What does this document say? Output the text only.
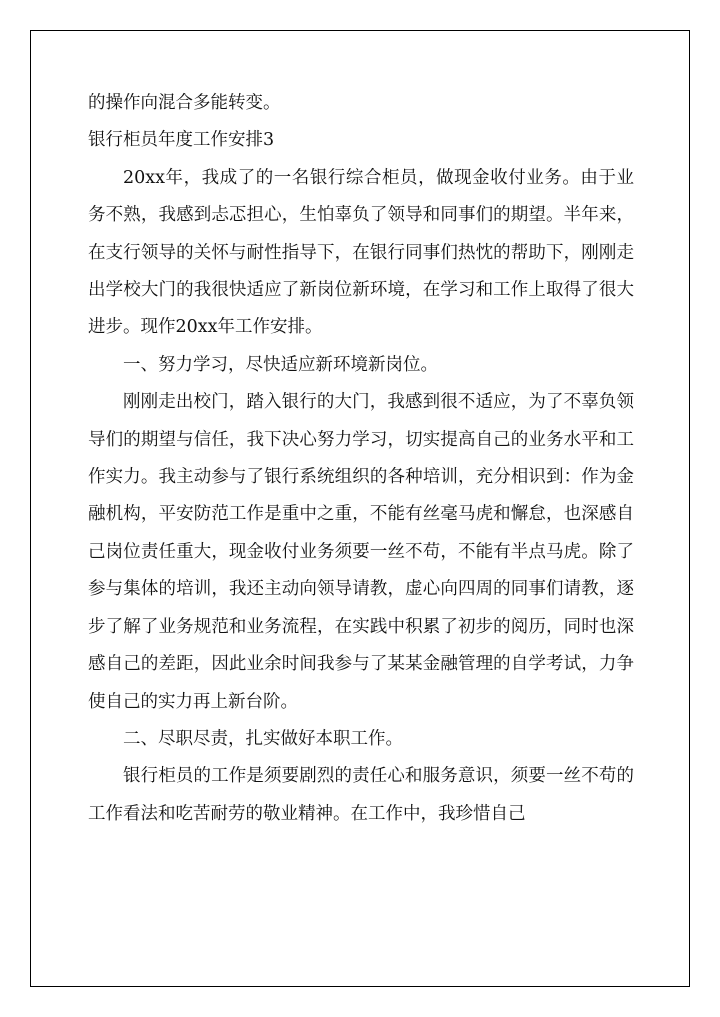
的操作向混合多能转变。

银行柜员年度工作安排3

20xx年，我成了的一名银行综合柜员，做现金收付业务。由于业务不熟，我感到忐忑担心，生怕辜负了领导和同事们的期望。半年来，在支行领导的关怀与耐性指导下，在银行同事们热忱的帮助下，刚刚走出学校大门的我很快适应了新岗位新环境，在学习和工作上取得了很大进步。现作20xx年工作安排。

一、努力学习，尽快适应新环境新岗位。

刚刚走出校门，踏入银行的大门，我感到很不适应，为了不辜负领导们的期望与信任，我下决心努力学习，切实提高自己的业务水平和工作实力。我主动参与了银行系统组织的各种培训，充分相识到：作为金融机构，平安防范工作是重中之重，不能有丝毫马虎和懈怠，也深感自己岗位责任重大，现金收付业务须要一丝不苟，不能有半点马虎。除了参与集体的培训，我还主动向领导请教，虚心向四周的同事们请教，逐步了解了业务规范和业务流程，在实践中积累了初步的阅历，同时也深感自己的差距，因此业余时间我参与了某某金融管理的自学考试，力争使自己的实力再上新台阶。

二、尽职尽责，扎实做好本职工作。

银行柜员的工作是须要剧烈的责任心和服务意识，须要一丝不苟的工作看法和吃苦耐劳的敬业精神。在工作中，我珍惜自己
